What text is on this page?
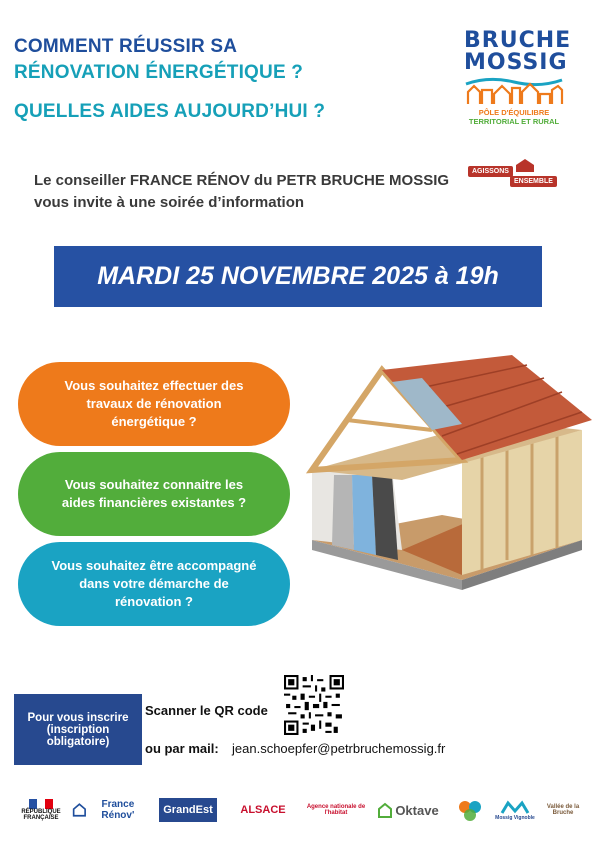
COMMENT RÉUSSIR SA
RÉNOVATION ÉNERGÉTIQUE ?
QUELLES AIDES AUJOURD’HUI ?
BRUCHE
MOSSIG
PÔLE D'ÉQUILIBRE
TERRITORIAL ET RURAL
AGISSONS
ENSEMBLE
Le conseiller FRANCE RÉNOV du PETR BRUCHE MOSSIG vous invite à une soirée d’information
MARDI 25 NOVEMBRE 2025 à 19h
Vous souhaitez effectuer des travaux de rénovation énergétique ?
Vous souhaitez connaitre les aides financières existantes ?
Vous souhaitez être accompagné dans votre démarche de rénovation ?
Pour vous inscrire (inscription obligatoire)
Scanner le QR code
ou par mail: jean.schoepfer@petrbruchemossig.fr
RÉPUBLIQUE FRANÇAISE
France Rénov'	GrandEst	ALSACE	Agence nationale de l'habitat	Oktave
Mossig Vignoble
Vallée de la Bruche
